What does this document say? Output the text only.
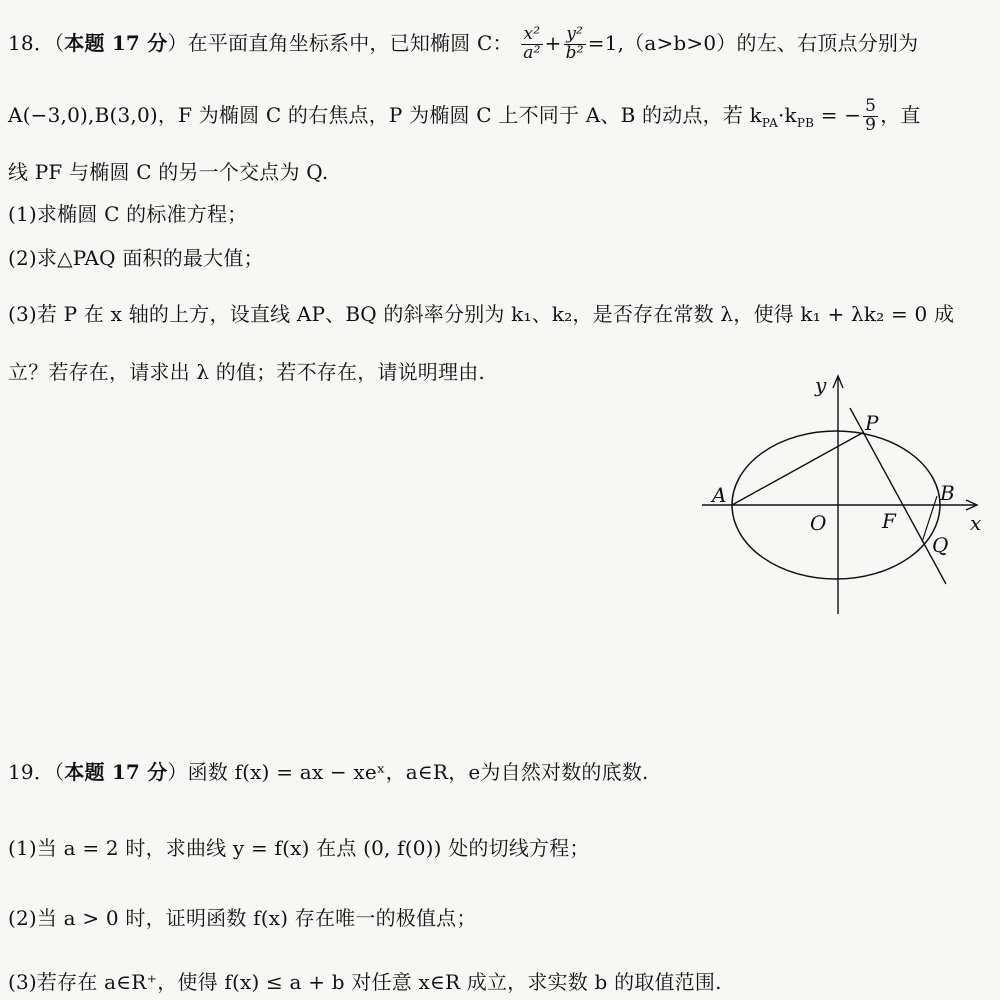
18．（本题 17 分）在平面直角坐标系中，已知椭圆 C： $\frac{\text{x²}}{\text{a²}} + \frac{\text{y²}}{\text{b²}} =1,(a>b>0)$的左、右顶点分别为
A(−3,0),B(3,0)，F 为椭圆 C 的右焦点，P 为椭圆 C 上不同于 A、B 的动点，若 $k_{PA}\cdot k_{PB}$ = − $\frac{5}{9}$ ，直
线 PF 与椭圆 C 的另一个交点为 Q.
(1)求椭圆 C 的标准方程；
(2)求△PAQ 面积的最大值；
(3)若 P 在 x 轴的上方，设直线 AP、BQ 的斜率分别为 k₁、k₂，是否存在常数 λ，使得 k₁ + λk₂ = 0 成
立？若存在，请求出 λ 的值；若不存在，请说明理由.
y
x
A	B
O	F
P
Q
19．（本题 17 分）函数 f(x) = ax − xeˣ，a∈R，e为自然对数的底数.
(1)当 a = 2 时，求曲线 y = f(x) 在点 (0, f(0)) 处的切线方程；
(2)当 a > 0 时，证明函数 f(x) 存在唯一的极值点；
(3)若存在 a∈R⁺，使得 f(x) ≤ a + b 对任意 x∈R 成立，求实数 b 的取值范围.
